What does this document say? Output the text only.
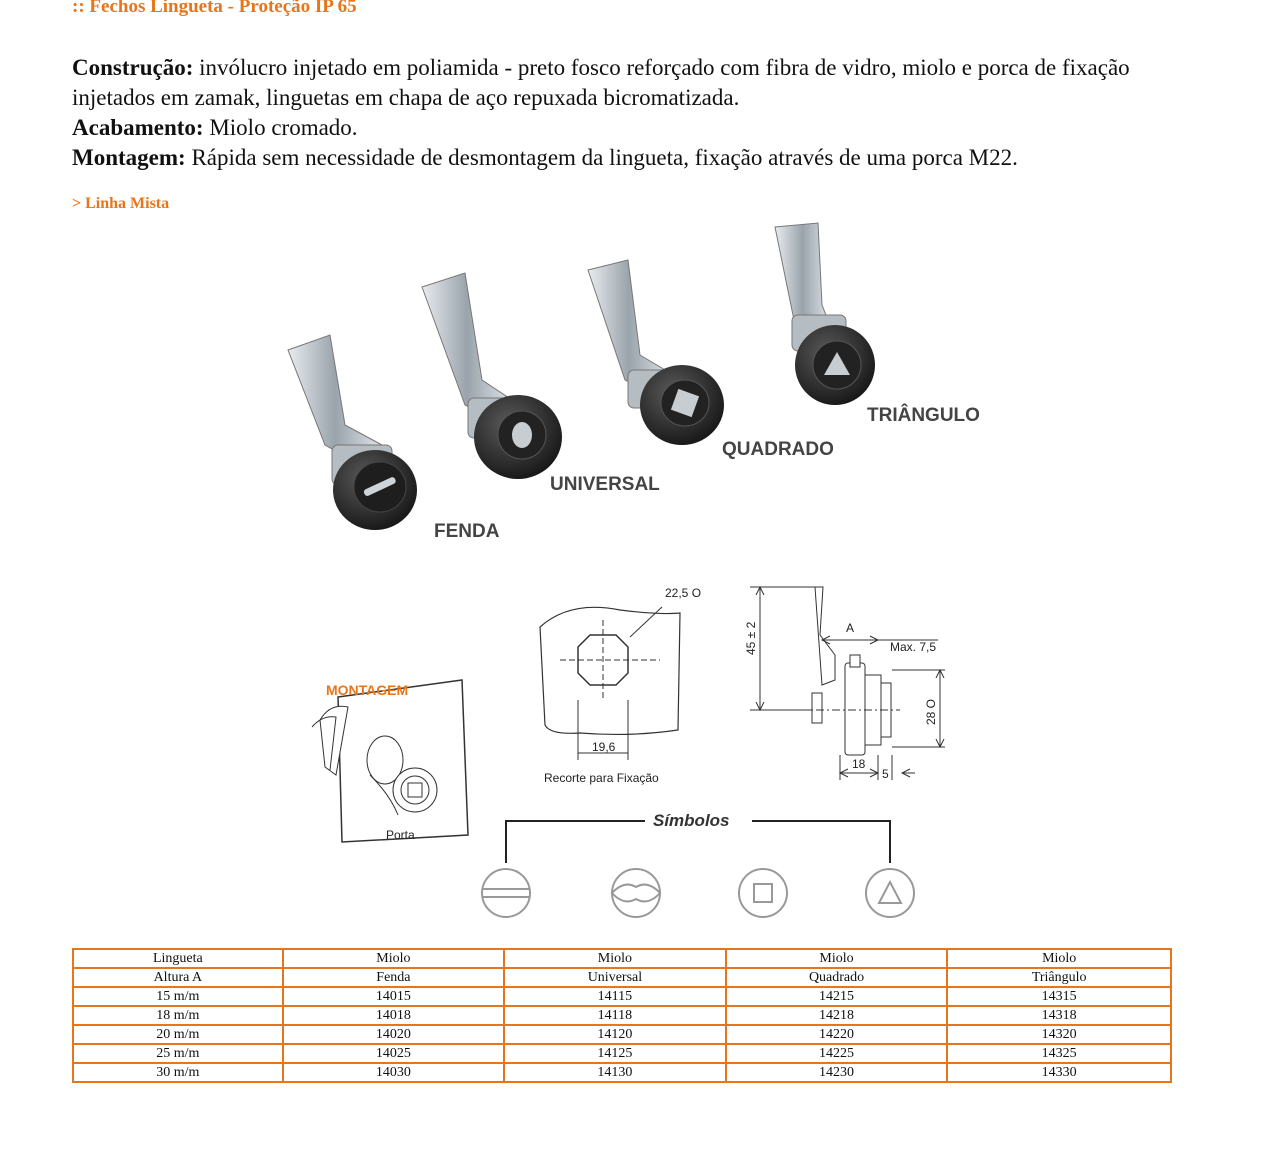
:: Fechos Lingueta - Proteção IP 65
Construção: invólucro injetado em poliamida - preto fosco reforçado com fibra de vidro, miolo e porca de fixação injetados em zamak, linguetas em chapa de aço repuxada bicromatizada.
Acabamento: Miolo cromado.
Montagem: Rápida sem necessidade de desmontagem da lingueta, fixação através de uma porca M22.
> Linha Mista
FENDA
UNIVERSAL
QUADRADO
TRIÂNGULO
MONTAGEM
Porta
22,5 O
19,6
Recorte para Fixação
45 ± 2	A
Max. 7,5
28 O
18
5
Símbolos
Lingueta	Miolo	Miolo	Miolo	Miolo
Altura A	Fenda	Universal	Quadrado	Triângulo
15 m/m	14015	14115	14215	14315
18 m/m	14018	14118	14218	14318
20 m/m	14020	14120	14220	14320
25 m/m	14025	14125	14225	14325
30 m/m	14030	14130	14230	14330
